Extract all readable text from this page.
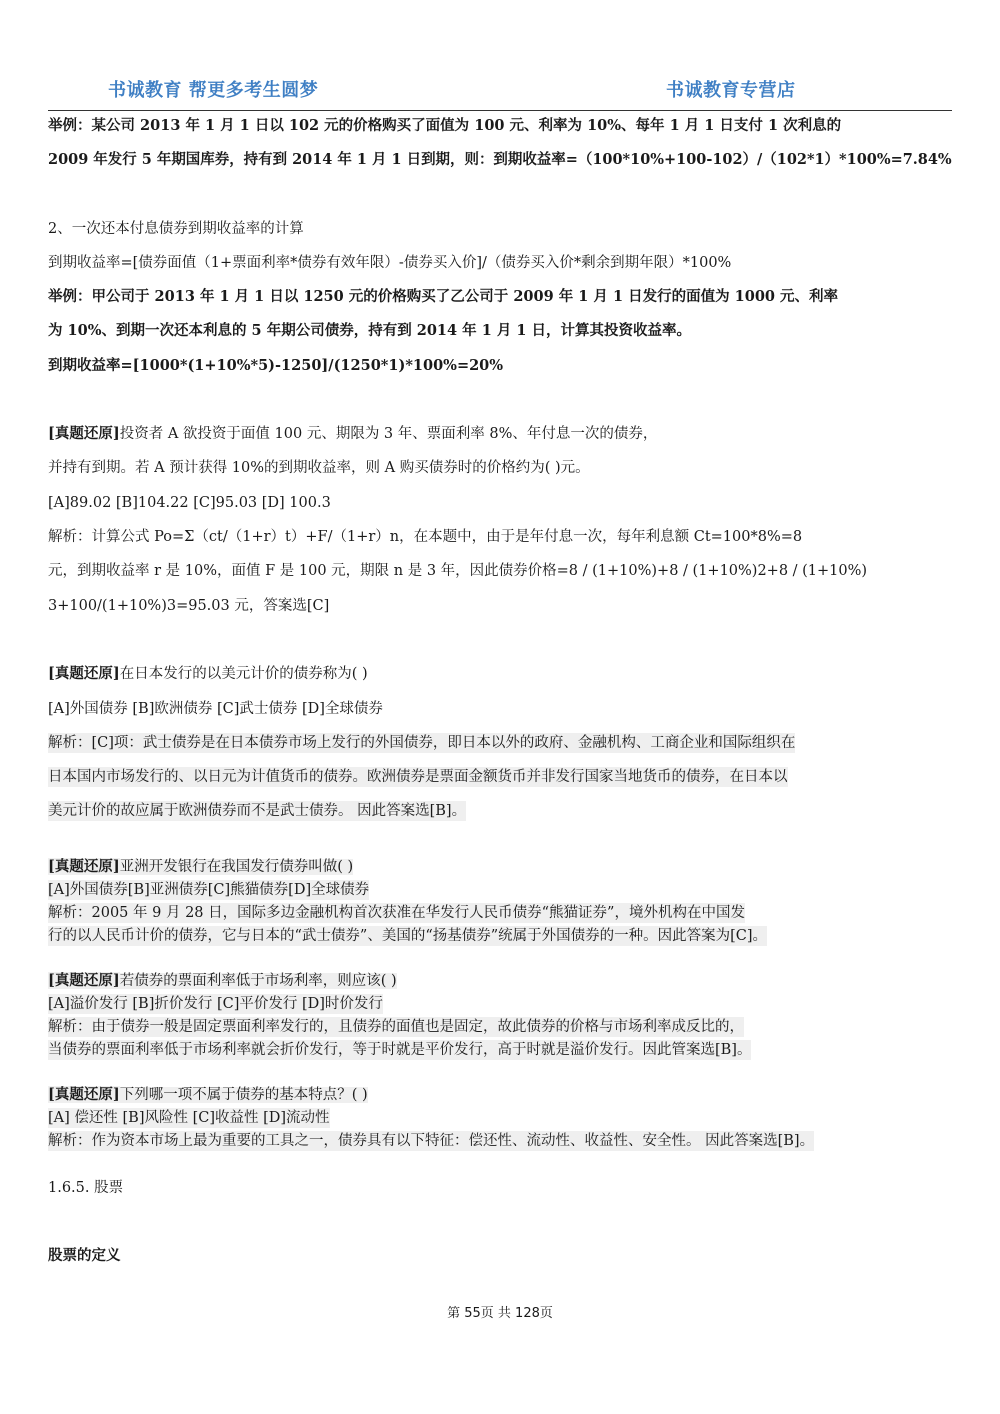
书诚教育 帮更多考生圆梦	书诚教育专营店
举例：某公司 2013 年 1 月 1 日以 102 元的价格购买了面值为 100 元、利率为 10%、每年 1 月 1 日支付 1 次利息的
2009 年发行 5 年期国库券，持有到 2014 年 1 月 1 日到期，则：到期收益率=（100*10%+100-102）/（102*1）*100%=7.84%
2、一次还本付息债券到期收益率的计算
到期收益率=[债券面值（1+票面利率*债券有效年限）-债券买入价]/（债券买入价*剩余到期年限）*100%
举例：甲公司于 2013 年 1 月 1 日以 1250 元的价格购买了乙公司于 2009 年 1 月 1 日发行的面值为 1000 元、利率
为 10%、到期一次还本利息的 5 年期公司债券，持有到 2014 年 1 月 1 日，计算其投资收益率。
到期收益率=[1000*(1+10%*5)-1250]/(1250*1)*100%=20%
[真题还原]投资者 A 欲投资于面值 100 元、期限为 3 年、票面利率 8%、年付息一次的债券，
并持有到期。若 A 预计获得 10%的到期收益率，则 A 购买债券时的价格约为( )元。
[A]89.02 [B]104.22 [C]95.03 [D] 100.3
解析：计算公式 Po=Σ（ct/（1+r）t）+F/（1+r）n，在本题中，由于是年付息一次，每年利息额 Ct=100*8%=8
元，到期收益率 r 是 10%，面值 F 是 100 元，期限 n 是 3 年，因此债券价格=8 / (1+10%)+8 / (1+10%)2+8 / (1+10%)
3+100/(1+10%)3=95.03 元，答案选[C]
[真题还原]在日本发行的以美元计价的债券称为( )
[A]外国债券 [B]欧洲债券 [C]武士债券 [D]全球债券
解析：[C]项：武士债券是在日本债券市场上发行的外国债券，即日本以外的政府、金融机构、工商企业和国际组织在
日本国内市场发行的、以日元为计值货币的债券。欧洲债券是票面金额货币并非发行国家当地货币的债券，在日本以
美元计价的故应属于欧洲债券而不是武士债券。 因此答案选[B]。
[真题还原]亚洲开发银行在我国发行债券叫做( )
[A]外国债券[B]亚洲债券[C]熊猫债券[D]全球债券
解析：2005 年 9 月 28 日，国际多边金融机构首次获准在华发行人民币债券“熊猫证券”，境外机构在中国发
行的以人民币计价的债券，它与日本的“武士债券”、美国的“扬基债券”统属于外国债券的一种。因此答案为[C]。
[真题还原]若债券的票面利率低于市场利率，则应该( )
[A]溢价发行 [B]折价发行 [C]平价发行 [D]时价发行
解析：由于债券一般是固定票面利率发行的，且债券的面值也是固定，故此债券的价格与市场利率成反比的，
当债券的票面利率低于市场利率就会折价发行，等于时就是平价发行，高于时就是溢价发行。因此管案选[B]。
[真题还原]下列哪一项不属于债券的基本特点？( )
[A] 偿还性 [B]风险性 [C]收益性 [D]流动性
解析：作为资本市场上最为重要的工具之一，债券具有以下特征：偿还性、流动性、收益性、安全性。 因此答案选[B]。
1.6.5. 股票
股票的定义
第 55页 共 128页
